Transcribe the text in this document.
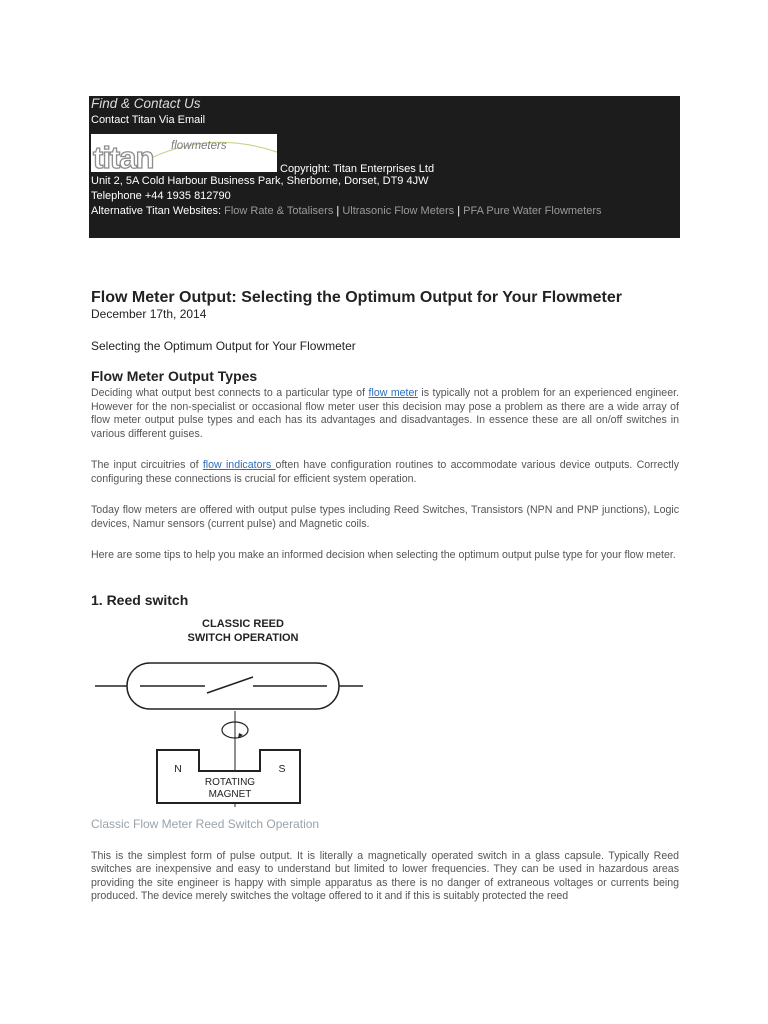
Find & Contact Us
Contact Titan Via Email
titan flowmeters
Copyright: Titan Enterprises Ltd
Unit 2, 5A Cold Harbour Business Park, Sherborne, Dorset, DT9 4JW
Telephone +44 1935 812790
Alternative Titan Websites: Flow Rate & Totalisers | Ultrasonic Flow Meters | PFA Pure Water Flowmeters
Flow Meter Output: Selecting the Optimum Output for Your Flowmeter
December 17th, 2014
Selecting the Optimum Output for Your Flowmeter
Flow Meter Output Types

Deciding what output best connects to a particular type of flow meter is typically not a problem for an experienced engineer. However for the non-specialist or occasional flow meter user this decision may pose a problem as there are a wide array of flow meter output pulse types and each has its advantages and disadvantages. In essence these are all on/off switches in various different guises.

The input circuitries of flow indicators often have configuration routines to accommodate various device outputs. Correctly configuring these connections is crucial for efficient system operation.

Today flow meters are offered with output pulse types including Reed Switches, Transistors (NPN and PNP junctions), Logic devices, Namur sensors (current pulse) and Magnetic coils.

Here are some tips to help you make an informed decision when selecting the optimum output pulse type for your flow meter.

1. Reed switch
CLASSIC REED
SWITCH OPERATION
N	S
ROTATING
MAGNET
Classic Flow Meter Reed Switch Operation

This is the simplest form of pulse output. It is literally a magnetically operated switch in a glass capsule. Typically Reed switches are inexpensive and easy to understand but limited to lower frequencies. They can be used in hazardous areas providing the site engineer is happy with simple apparatus as there is no danger of extraneous voltages or currents being produced. The device merely switches the voltage offered to it and if this is suitably protected the reed
